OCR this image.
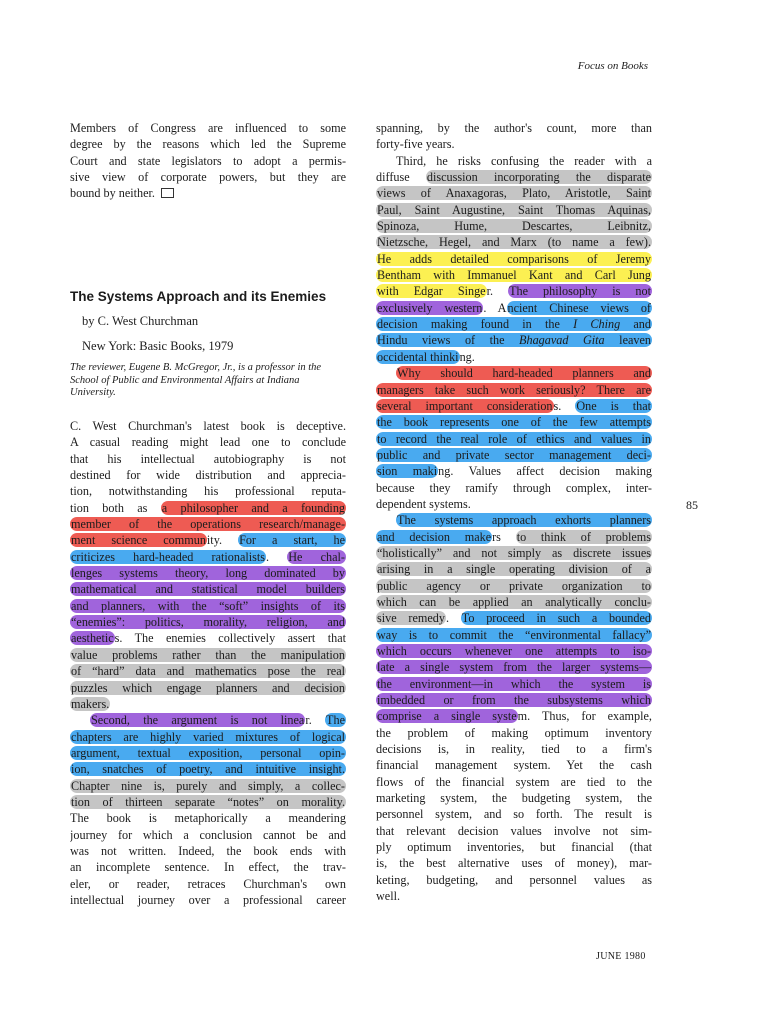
Focus on Books
Members of Congress are influenced to some
degree by the reasons which led the Supreme
Court and state legislators to adopt a permis-
sive view of corporate powers, but they are
bound by neither.
The Systems Approach and its Enemies
by C. West Churchman
New York: Basic Books, 1979
The reviewer, Eugene B. McGregor, Jr., is a professor in the School of Public and Environmental Affairs at Indiana University.
C. West Churchman's latest book is deceptive.
A casual reading might lead one to conclude
that his intellectual autobiography is not
destined for wide distribution and apprecia-
tion, notwithstanding his professional reputa-
tion both as a philosopher and a founding
member of the operations research/manage-
ment science community. For a start, he
criticizes hard-headed rationalists. He chal-
lenges systems theory, long dominated by
mathematical and statistical model builders
and planners, with the “soft” insights of its
“enemies”: politics, morality, religion, and
aesthetics. The enemies collectively assert that
value problems rather than the manipulation
of “hard” data and mathematics pose the real
puzzles which engage planners and decision
makers.
Second, the argument is not linear. The
chapters are highly varied mixtures of logical
argument, textual exposition, personal opin-
ion, snatches of poetry, and intuitive insight.
Chapter nine is, purely and simply, a collec-
tion of thirteen separate “notes” on morality.
The book is metaphorically a meandering
journey for which a conclusion cannot be and
was not written. Indeed, the book ends with
an incomplete sentence. In effect, the trav-
eler, or reader, retraces Churchman's own
intellectual journey over a professional career
spanning, by the author's count, more than
forty-five years.
Third, he risks confusing the reader with a
diffuse discussion incorporating the disparate
views of Anaxagoras, Plato, Aristotle, Saint
Paul, Saint Augustine, Saint Thomas Aquinas,
Spinoza, Hume, Descartes, Leibnitz,
Nietzsche, Hegel, and Marx (to name a few).
He adds detailed comparisons of Jeremy
Bentham with Immanuel Kant and Carl Jung
with Edgar Singer. The philosophy is not
exclusively western. Ancient Chinese views of
decision making found in the I Ching and
Hindu views of the Bhagavad Gita leaven
occidental thinking.
Why should hard-headed planners and
managers take such work seriously? There are
several important considerations. One is that
the book represents one of the few attempts
to record the real role of ethics and values in
public and private sector management deci-
sion making. Values affect decision making
because they ramify through complex, inter-
dependent systems.
The systems approach exhorts planners
and decision makers to think of problems
“holistically” and not simply as discrete issues
arising in a single operating division of a
public agency or private organization to
which can be applied an analytically conclu-
sive remedy. To proceed in such a bounded
way is to commit the “environmental fallacy”
which occurs whenever one attempts to iso-
late a single system from the larger systems—
the environment—in which the system is
imbedded or from the subsystems which
comprise a single system. Thus, for example,
the problem of making optimum inventory
decisions is, in reality, tied to a firm's
financial management system. Yet the cash
flows of the financial system are tied to the
marketing system, the budgeting system, the
personnel system, and so forth. The result is
that relevant decision values involve not sim-
ply optimum inventories, but financial (that
is, the best alternative uses of money), mar-
keting, budgeting, and personnel values as
well.
85
JUNE 1980
